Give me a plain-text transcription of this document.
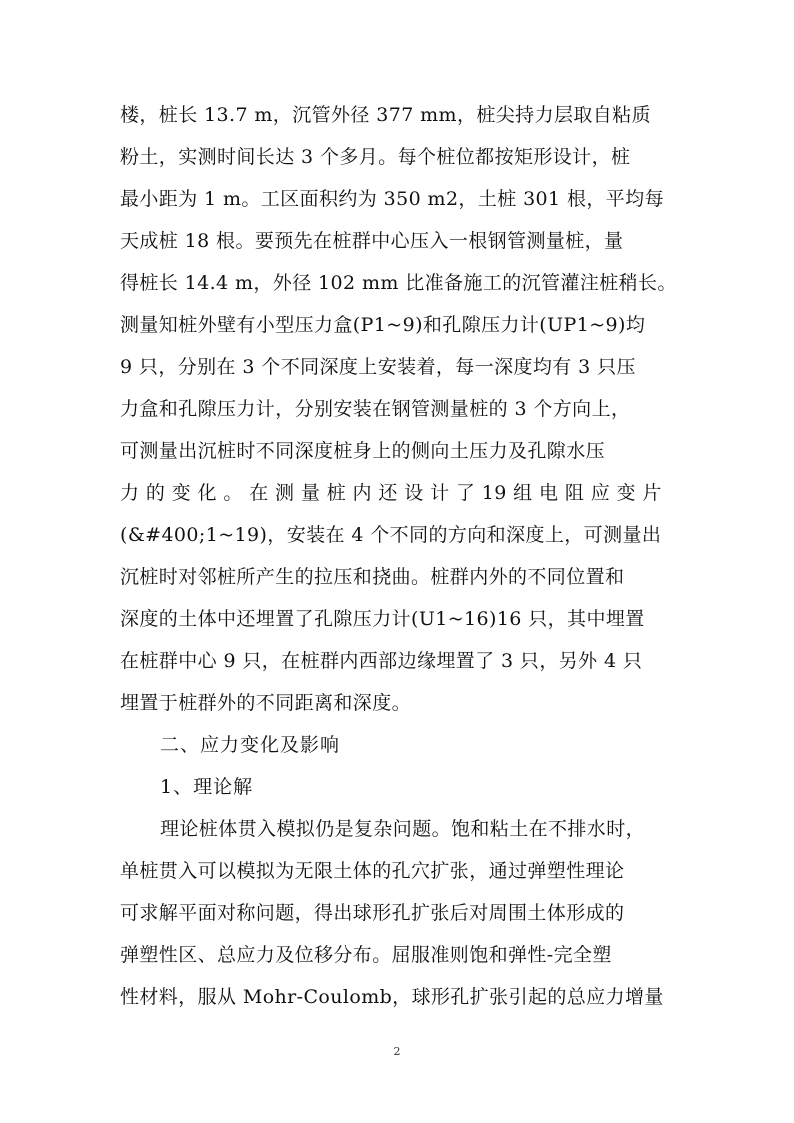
楼，桩长 13.7 m，沉管外径 377 mm，桩尖持力层取自粘质
粉土，实测时间长达 3 个多月。每个桩位都按矩形设计，桩
最小距为 1 m。工区面积约为 350 m2，土桩 301 根，平均每
天成桩 18 根。要预先在桩群中心压入一根钢管测量桩，量
得桩长 14.4 m，外径 102 mm 比准备施工的沉管灌注桩稍长。
测量知桩外壁有小型压力盒(P1~9)和孔隙压力计(UP1~9)均
9 只，分别在 3 个不同深度上安装着，每一深度均有 3 只压
力盒和孔隙压力计，分别安装在钢管测量桩的 3 个方向上，
可测量出沉桩时不同深度桩身上的侧向土压力及孔隙水压
力 的 变 化 。 在 测 量 桩 内 还 设 计 了 19 组 电 阻 应 变 片
(&#400;1~19)，安装在 4 个不同的方向和深度上，可测量出
沉桩时对邻桩所产生的拉压和挠曲。桩群内外的不同位置和
深度的土体中还埋置了孔隙压力计(U1~16)16 只，其中埋置
在桩群中心 9 只，在桩群内西部边缘埋置了 3 只，另外 4 只
埋置于桩群外的不同距离和深度。
二、应力变化及影响
1、理论解
理论桩体贯入模拟仍是复杂问题。饱和粘土在不排水时，
单桩贯入可以模拟为无限土体的孔穴扩张，通过弹塑性理论
可求解平面对称问题，得出球形孔扩张后对周围土体形成的
弹塑性区、总应力及位移分布。屈服准则饱和弹性-完全塑
性材料，服从 Mohr-Coulomb，球形孔扩张引起的总应力增量
2
